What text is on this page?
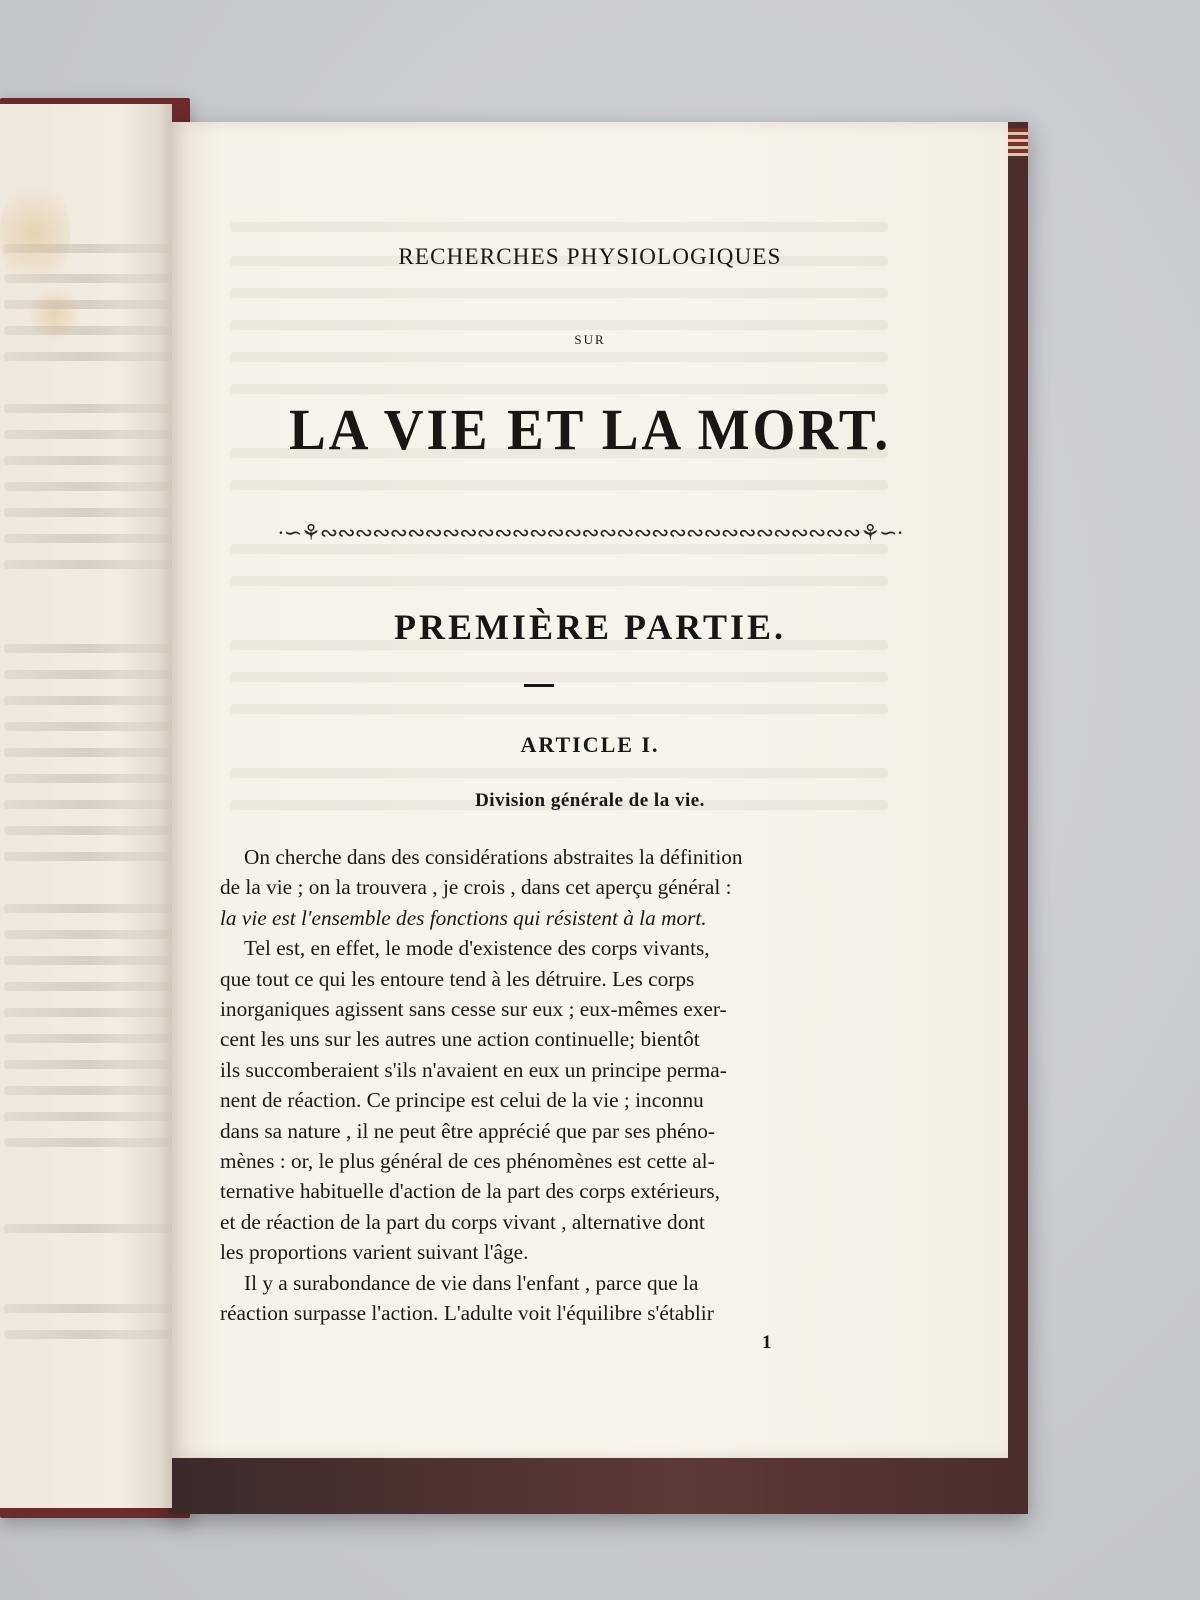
RECHERCHES PHYSIOLOGIQUES
SUR
LA VIE ET LA MORT.
·∽⚘∾∾∾∾∾∾∾∾∾∾∾∾∾∾∾∾∾∾∾∾∾∾∾∾∾∾∾∾∾∾∾⚘∽·
PREMIÈRE PARTIE.
ARTICLE I.
Division générale de la vie.

On cherche dans des considérations abstraites la définition

de la vie ; on la trouvera , je crois , dans cet aperçu général :

la vie est l'ensemble des fonctions qui résistent à la mort.

Tel est, en effet, le mode d'existence des corps vivants,

que tout ce qui les entoure tend à les détruire. Les corps

inorganiques agissent sans cesse sur eux ; eux-mêmes exer-

cent les uns sur les autres une action continuelle; bientôt

ils succomberaient s'ils n'avaient en eux un principe perma-

nent de réaction. Ce principe est celui de la vie ; inconnu

dans sa nature , il ne peut être apprécié que par ses phéno-

mènes : or, le plus général de ces phénomènes est cette al-

ternative habituelle d'action de la part des corps extérieurs,

et de réaction de la part du corps vivant , alternative dont

les proportions varient suivant l'âge.

Il y a surabondance de vie dans l'enfant , parce que la

réaction surpasse l'action. L'adulte voit l'équilibre s'établir

1
